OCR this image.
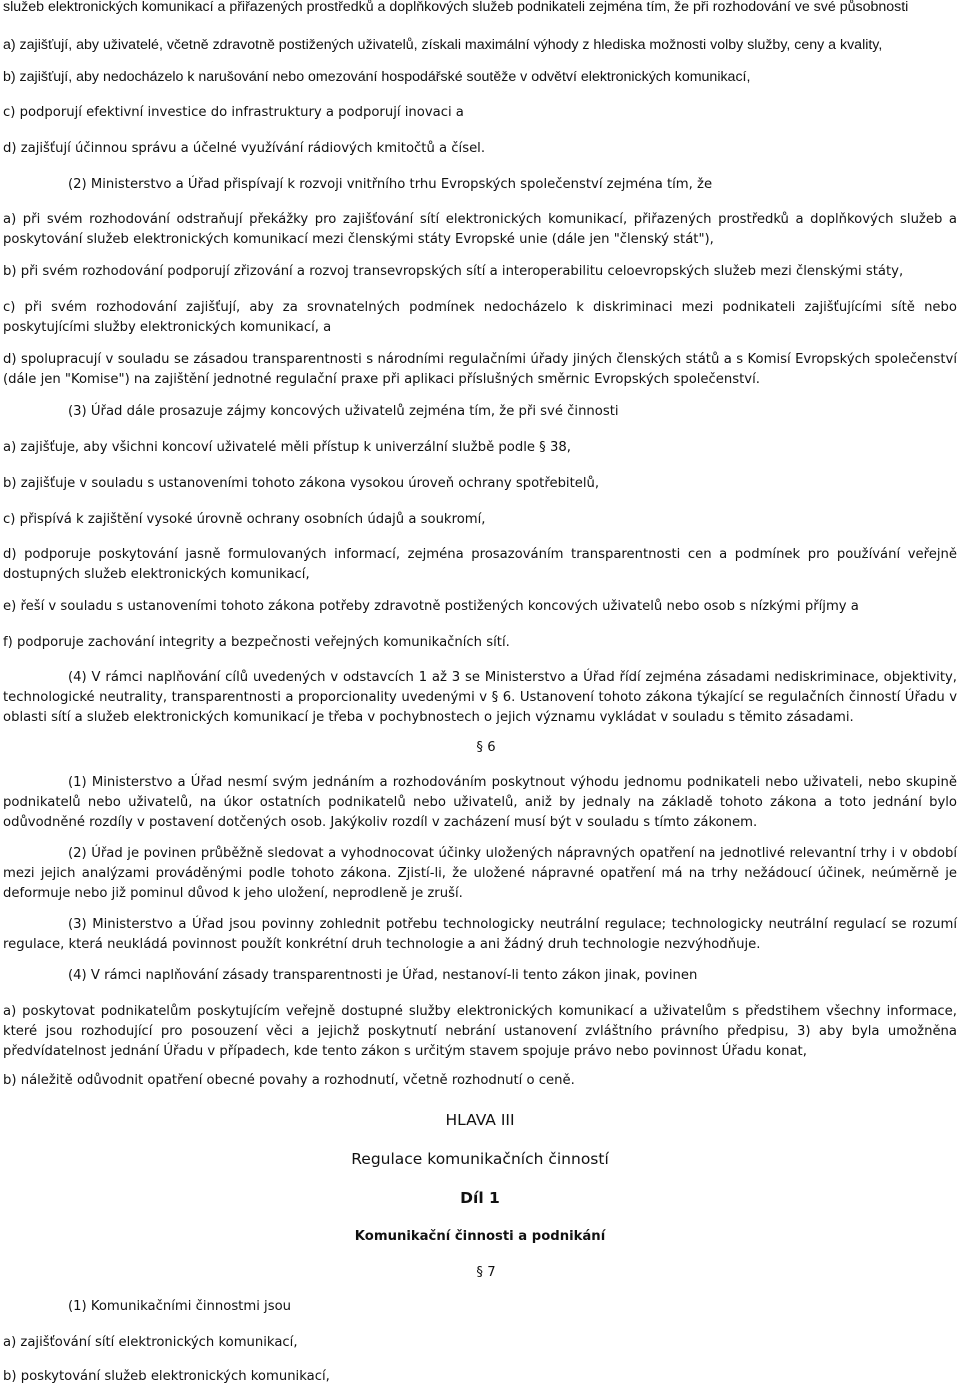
služeb elektronických komunikací a přiřazených prostředků a doplňkových služeb podnikateli zejména tím, že při rozhodování ve své působnosti

a) zajišťují, aby uživatelé, včetně zdravotně postižených uživatelů, získali maximální výhody z hlediska možnosti volby služby, ceny a kvality,

b) zajišťují, aby nedocházelo k narušování nebo omezování hospodářské soutěže v odvětví elektronických komunikací,

c) podporují efektivní investice do infrastruktury a podporují inovaci a

d) zajišťují účinnou správu a účelné využívání rádiových kmitočtů a čísel.

(2) Ministerstvo a Úřad přispívají k rozvoji vnitřního trhu Evropských společenství zejména tím, že

a) při svém rozhodování odstraňují překážky pro zajišťování sítí elektronických komunikací, přiřazených prostředků a doplňkových služeb a poskytování služeb elektronických komunikací mezi členskými státy Evropské unie (dále jen "členský stát"),

b) při svém rozhodování podporují zřizování a rozvoj transevropských sítí a interoperabilitu celoevropských služeb mezi členskými státy,

c) při svém rozhodování zajišťují, aby za srovnatelných podmínek nedocházelo k diskriminaci mezi podnikateli zajišťujícími sítě nebo poskytujícími služby elektronických komunikací, a

d) spolupracují v souladu se zásadou transparentnosti s národními regulačními úřady jiných členských států a s Komisí Evropských společenství (dále jen "Komise") na zajištění jednotné regulační praxe při aplikaci příslušných směrnic Evropských společenství.

(3) Úřad dále prosazuje zájmy koncových uživatelů zejména tím, že při své činnosti

a) zajišťuje, aby všichni koncoví uživatelé měli přístup k univerzální službě podle § 38,

b) zajišťuje v souladu s ustanoveními tohoto zákona vysokou úroveň ochrany spotřebitelů,

c) přispívá k zajištění vysoké úrovně ochrany osobních údajů a soukromí,

d) podporuje poskytování jasně formulovaných informací, zejména prosazováním transparentnosti cen a podmínek pro používání veřejně dostupných služeb elektronických komunikací,

e) řeší v souladu s ustanoveními tohoto zákona potřeby zdravotně postižených koncových uživatelů nebo osob s nízkými příjmy a

f) podporuje zachování integrity a bezpečnosti veřejných komunikačních sítí.

(4) V rámci naplňování cílů uvedených v odstavcích 1 až 3 se Ministerstvo a Úřad řídí zejména zásadami nediskriminace, objektivity, technologické neutrality, transparentnosti a proporcionality uvedenými v § 6. Ustanovení tohoto zákona týkající se regulačních činností Úřadu v oblasti sítí a služeb elektronických komunikací je třeba v pochybnostech o jejich významu vykládat v souladu s těmito zásadami.

§ 6

(1) Ministerstvo a Úřad nesmí svým jednáním a rozhodováním poskytnout výhodu jednomu podnikateli nebo uživateli, nebo skupině podnikatelů nebo uživatelů, na úkor ostatních podnikatelů nebo uživatelů, aniž by jednaly na základě tohoto zákona a toto jednání bylo odůvodněné rozdíly v postavení dotčených osob. Jakýkoliv rozdíl v zacházení musí být v souladu s tímto zákonem.

(2) Úřad je povinen průběžně sledovat a vyhodnocovat účinky uložených nápravných opatření na jednotlivé relevantní trhy i v období mezi jejich analýzami prováděnými podle tohoto zákona. Zjistí-li, že uložené nápravné opatření má na trhy nežádoucí účinek, neúměrně je deformuje nebo již pominul důvod k jeho uložení, neprodleně je zruší.

(3) Ministerstvo a Úřad jsou povinny zohlednit potřebu technologicky neutrální regulace; technologicky neutrální regulací se rozumí regulace, která neukládá povinnost použít konkrétní druh technologie a ani žádný druh technologie nezvýhodňuje.

(4) V rámci naplňování zásady transparentnosti je Úřad, nestanoví-li tento zákon jinak, povinen

a) poskytovat podnikatelům poskytujícím veřejně dostupné služby elektronických komunikací a uživatelům s předstihem všechny informace, které jsou rozhodující pro posouzení věci a jejichž poskytnutí nebrání ustanovení zvláštního právního předpisu, 3) aby byla umožněna předvídatelnost jednání Úřadu v případech, kde tento zákon s určitým stavem spojuje právo nebo povinnost Úřadu konat,

b) náležitě odůvodnit opatření obecné povahy a rozhodnutí, včetně rozhodnutí o ceně.

HLAVA III

Regulace komunikačních činností

Díl 1

Komunikační činnosti a podnikání

§ 7

(1) Komunikačními činnostmi jsou

a) zajišťování sítí elektronických komunikací,

b) poskytování služeb elektronických komunikací,
